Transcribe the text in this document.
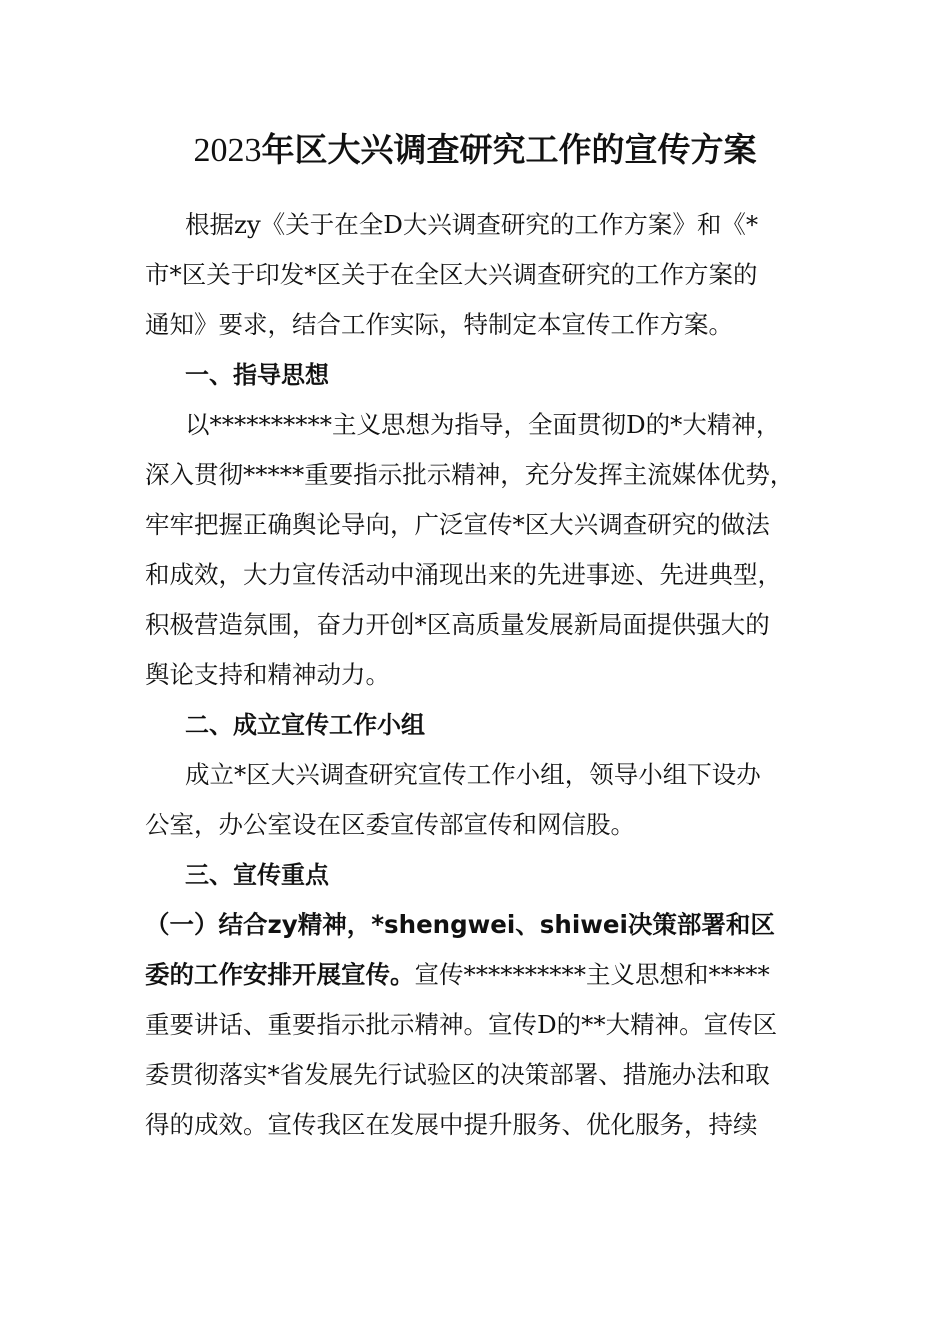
2023年区大兴调查研究工作的宣传方案

根据zy《关于在全D大兴调查研究的工作方案》和《*
市*区关于印发*区关于在全区大兴调查研究的工作方案的
通知》要求，结合工作实际，特制定本宣传工作方案。

一、指导思想
以**********主义思想为指导，全面贯彻D的*大精神，
深入贯彻*****重要指示批示精神，充分发挥主流媒体优势，
牢牢把握正确舆论导向，广泛宣传*区大兴调查研究的做法
和成效，大力宣传活动中涌现出来的先进事迹、先进典型，
积极营造氛围，奋力开创*区高质量发展新局面提供强大的
舆论支持和精神动力。

二、成立宣传工作小组
成立*区大兴调查研究宣传工作小组，领导小组下设办
公室，办公室设在区委宣传部宣传和网信股。

三、宣传重点
（一）结合zy精神，*shengwei、shiwei决策部署和区
委的工作安排开展宣传。宣传**********主义思想和*****
重要讲话、重要指示批示精神。宣传D的**大精神。宣传区
委贯彻落实*省发展先行试验区的决策部署、措施办法和取
得的成效。宣传我区在发展中提升服务、优化服务，持续
